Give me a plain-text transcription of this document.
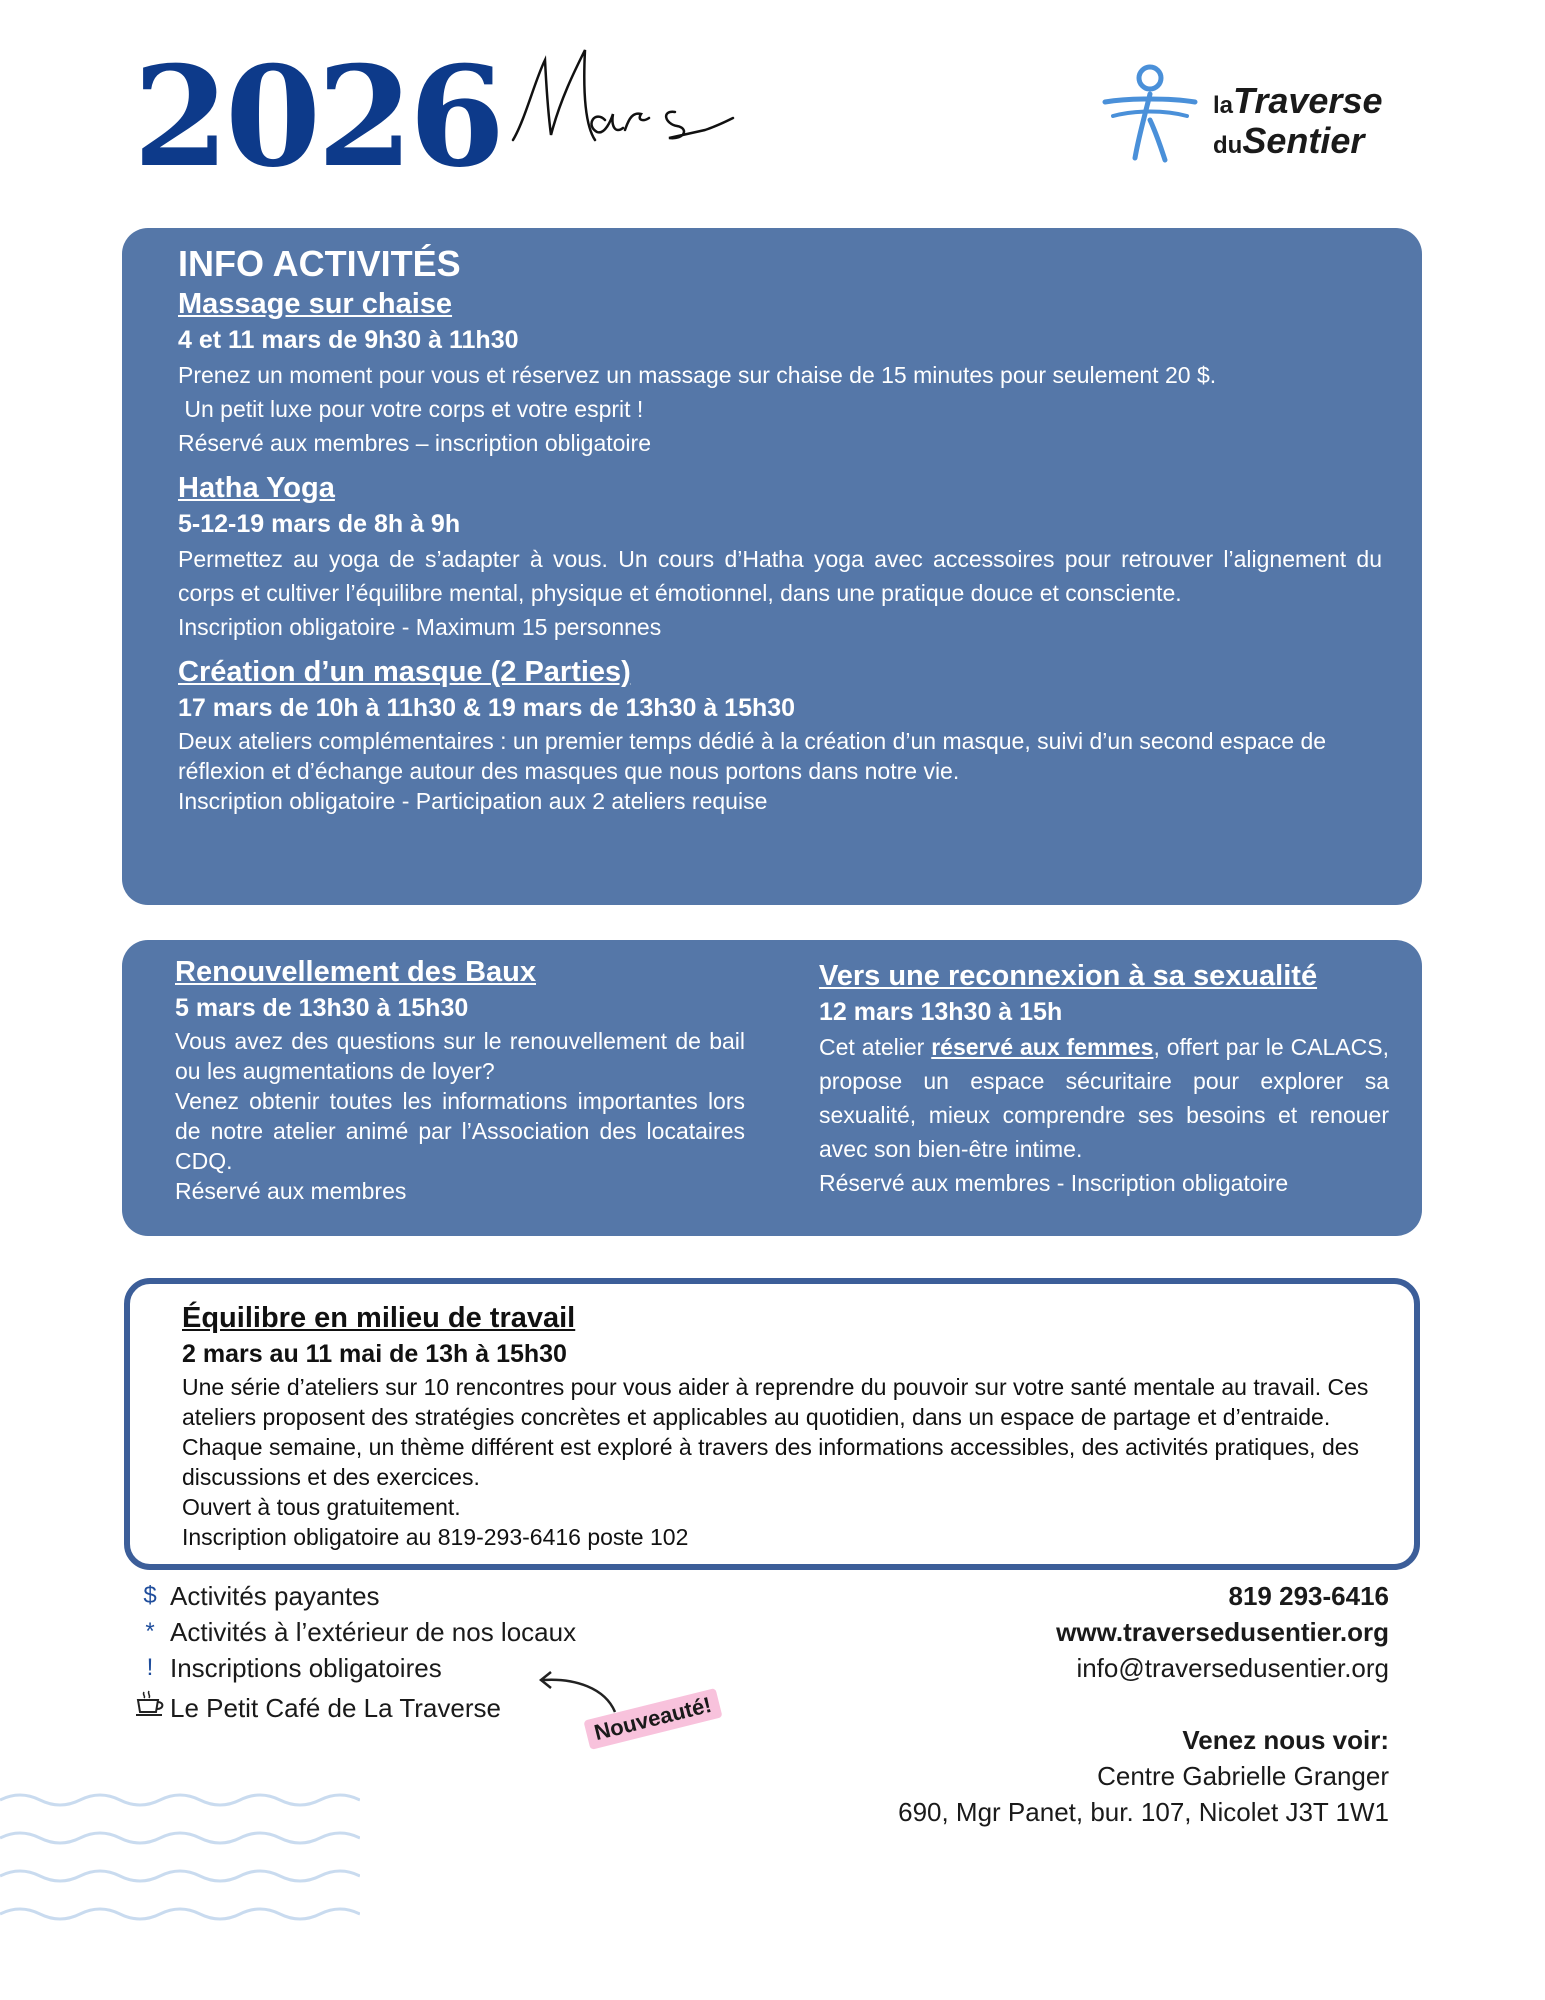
2026	Mars
laTraverse
duSentier
INFO ACTIVITÉS
Massage sur chaise
4 et 11 mars de 9h30 à 11h30
Prenez un moment pour vous et réservez un massage sur chaise de 15 minutes pour seulement 20 $.
Un petit luxe pour votre corps et votre esprit !
Réservé aux membres – inscription obligatoire
Hatha Yoga
5-12-19 mars de 8h à 9h
Permettez au yoga de s’adapter à vous. Un cours d’Hatha yoga avec accessoires pour retrouver l’alignement du corps et cultiver l’équilibre mental, physique et émotionnel, dans une pratique douce et consciente.
Inscription obligatoire - Maximum 15 personnes
Création d’un masque (2 Parties)
17 mars de 10h à 11h30 & 19 mars de 13h30 à 15h30
Deux ateliers complémentaires : un premier temps dédié à la création d’un masque, suivi d’un second espace de réflexion et d’échange autour des masques que nous portons dans notre vie.
Inscription obligatoire - Participation aux 2 ateliers requise
Renouvellement des Baux
5 mars de 13h30 à 15h30
Vous avez des questions sur le renouvellement de bail ou les augmentations de loyer?
Venez obtenir toutes les informations importantes lors de notre atelier animé par l’Association des locataires CDQ.
Réservé aux membres
Vers une reconnexion à sa sexualité
12 mars 13h30 à 15h
Cet atelier réservé aux femmes, offert par le CALACS, propose un espace sécuritaire pour explorer sa sexualité, mieux comprendre ses besoins et renouer avec son bien-être intime.
Réservé aux membres - Inscription obligatoire
Équilibre en milieu de travail
2 mars au 11 mai de 13h à 15h30
Une série d’ateliers sur 10 rencontres pour vous aider à reprendre du pouvoir sur votre santé mentale au travail. Ces ateliers proposent des stratégies concrètes et applicables au quotidien, dans un espace de partage et d’entraide. Chaque semaine, un thème différent est exploré à travers des informations accessibles, des activités pratiques, des discussions et des exercices.
Ouvert à tous gratuitement.
Inscription obligatoire au 819-293-6416 poste 102
$ Activités payantes
* Activités à l’extérieur de nos locaux
! Inscriptions obligatoires
Le Petit Café de La Traverse	Nouveauté!
819 293-6416
www.traversedusentier.org
info@traversedusentier.org
Venez nous voir:
Centre Gabrielle Granger
690, Mgr Panet, bur. 107, Nicolet J3T 1W1
